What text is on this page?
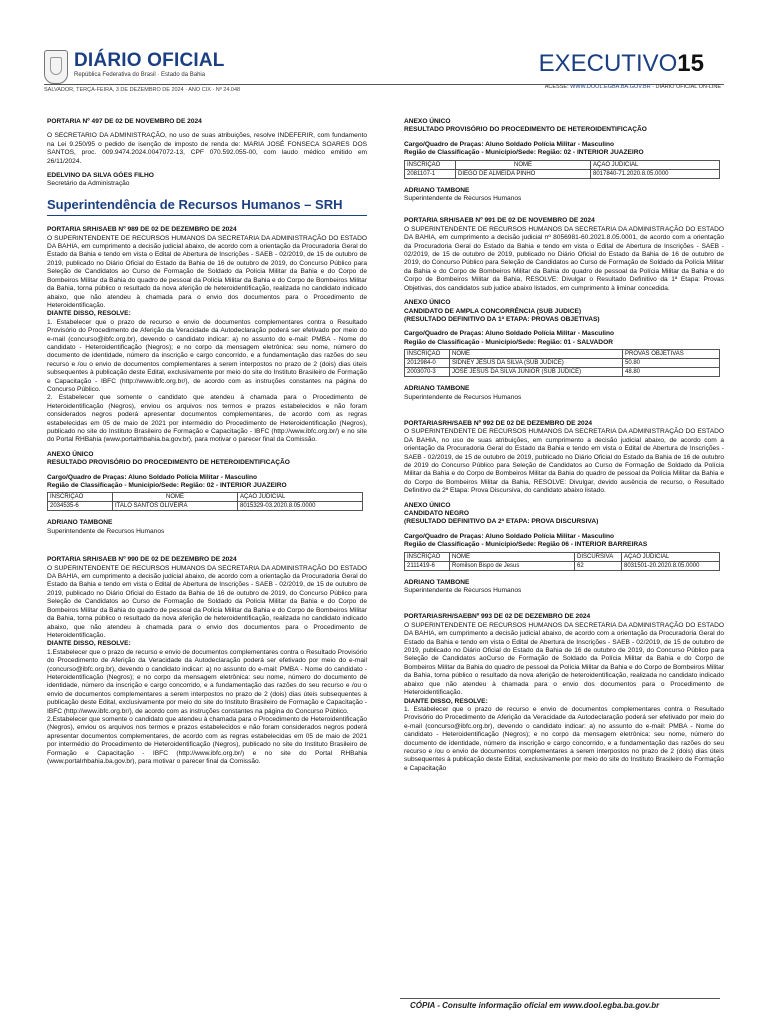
DIÁRIO OFICIAL
República Federativa do Brasil · Estado da Bahia	EXECUTIVO15
SALVADOR, TERÇA-FEIRA, 3 DE DEZEMBRO DE 2024 · ANO CIX · Nº 24.048	ACESSE: WWW.DOOL.EGBA.BA.GOV.BR · DIÁRIO OFICIAL ON-LINE

PORTARIA Nº 497 DE 02 DE NOVEMBRO DE 2024

O SECRETARIO DA ADMINISTRAÇÃO, no uso de suas atribuições, resolve INDEFERIR, com fundamento na Lei 9.250/95 o pedido de isenção de imposto de renda de: MARIA JOSÉ FONSECA SOARES DOS SANTOS, proc. 009.9474.2024.0047072-13, CPF 070.592.055-00, com laudo médico emitido em 26/11/2024.

EDELVINO DA SILVA GÓES FILHO

Secretário da Administração

Superintendência de Recursos Humanos – SRH

PORTARIA SRH/SAEB Nº 989 DE 02 DE DEZEMBRO DE 2024

O SUPERINTENDENTE DE RECURSOS HUMANOS DA SECRETARIA DA ADMINISTRAÇÃO DO ESTADO DA BAHIA, em cumprimento a decisão judicial abaixo, de acordo com a orientação da Procuradoria Geral do Estado da Bahia e tendo em vista o Edital de Abertura de Inscrições - SAEB - 02/2019, de 15 de outubro de 2019, publicado no Diário Oficial do Estado da Bahia de 16 de outubro de 2019, do Concurso Público para Seleção de Candidatos ao Curso de Formação de Soldado da Polícia Militar da Bahia e do Corpo de Bombeiros Militar da Bahia do quadro de pessoal da Polícia Militar da Bahia e do Corpo de Bombeiros Militar da Bahia, torna público o resultado da nova aferição de heteroidentificação, realizada no candidato indicado abaixo, que não atendeu à chamada para o envio dos documentos para o Procedimento de Heteroidentificação.

DIANTE DISSO, RESOLVE:

1. Estabelecer que o prazo de recurso e envio de documentos complementares contra o Resultado Provisório do Procedimento de Aferição da Veracidade da Autodeclaração poderá ser efetivado por meio do e-mail (concurso@ibfc.org.br), devendo o candidato indicar: a) no assunto do e-mail: PMBA - Nome do candidato - Heteroidentificação (Negros); e no corpo da mensagem eletrônica: seu nome, número do documento de identidade, número da inscrição e cargo concorrido, e a fundamentação das razões do seu recurso e /ou o envio de documentos complementares a serem interpostos no prazo de 2 (dois) dias úteis subsequentes à publicação deste Edital, exclusivamente por meio do site do Instituto Brasileiro de Formação e Capacitação - IBFC (http://www.ibfc.org.br/), de acordo com as instruções constantes na página do Concurso Público.

2. Estabelecer que somente o candidato que atendeu à chamada para o Procedimento de Heteroidentificação (Negros), enviou os arquivos nos termos e prazos estabelecidos e não foram considerados negros poderá apresentar documentos complementares, de acordo com as regras estabelecidas em 05 de maio de 2021 por intermédio do Procedimento de Heteroidentificação (Negros), publicado no site do Instituto Brasileiro de Formação e Capacitação - IBFC (http://www.ibfc.org.br/) e no site do Portal RHBahia (www.portalrhbahia.ba.gov.br), para motivar o parecer final da Comissão.

ANEXO ÚNICO

RESULTADO PROVISÓRIO DO PROCEDIMENTO DE HETEROIDENTIFICAÇÃO

Cargo/Quadro de Praças: Aluno Soldado Polícia Militar - Masculino

Região de Classificação - Município/Sede: Região: 02 - INTERIOR JUAZEIRO

INSCRIÇÃO	NOME	AÇÃO JUDICIAL
2034535-6	ITALO SANTOS OLIVEIRA	8015329-03.2020.8.05.0000

ADRIANO TAMBONE

Superintendente de Recursos Humanos

PORTARIA SRH/SAEB Nº 990 DE 02 DE DEZEMBRO DE 2024

O SUPERINTENDENTE DE RECURSOS HUMANOS DA SECRETARIA DA ADMINISTRAÇÃO DO ESTADO DA BAHIA, em cumprimento a decisão judicial abaixo, de acordo com a orientação da Procuradoria Geral do Estado da Bahia e tendo em vista o Edital de Abertura de Inscrições - SAEB - 02/2019, de 15 de outubro de 2019, publicado no Diário Oficial do Estado da Bahia de 16 de outubro de 2019, do Concurso Público para Seleção de Candidatos ao Curso de Formação de Soldado da Polícia Militar da Bahia e do Corpo de Bombeiros Militar da Bahia do quadro de pessoal da Polícia Militar da Bahia e do Corpo de Bombeiros Militar da Bahia, torna público o resultado da nova aferição de heteroidentificação, realizada no candidato indicado abaixo, que não atendeu à chamada para o envio dos documentos para o Procedimento de Heteroidentificação.

DIANTE DISSO, RESOLVE:

1.Estabelecer que o prazo de recurso e envio de documentos complementares contra o Resultado Provisório do Procedimento de Aferição da Veracidade da Autodeclaração poderá ser efetivado por meio do e-mail (concurso@ibfc.org.br), devendo o candidato indicar: a) no assunto do e-mail: PMBA - Nome do candidato - Heteroidentificação (Negros); e no corpo da mensagem eletrônica: seu nome, número do documento de identidade, número da inscrição e cargo concorrido, e a fundamentação das razões do seu recurso e /ou o envio de documentos complementares a serem interpostos no prazo de 2 (dois) dias úteis subsequentes à publicação deste Edital, exclusivamente por meio do site do Instituto Brasileiro de Formação e Capacitação - IBFC (http://www.ibfc.org.br/), de acordo com as instruções constantes na página do Concurso Público.

2.Estabelecer que somente o candidato que atendeu à chamada para o Procedimento de Heteroidentificação (Negros), enviou os arquivos nos termos e prazos estabelecidos e não foram considerados negros poderá apresentar documentos complementares, de acordo com as regras estabelecidas em 05 de maio de 2021 por intermédio do Procedimento de Heteroidentificação (Negros), publicado no site do Instituto Brasileiro de Formação e Capacitação - IBFC (http://www.ibfc.org.br/) e no site do Portal RHBahia (www.portalrhbahia.ba.gov.br), para motivar o parecer final da Comissão.

ANEXO ÚNICO

RESULTADO PROVISÓRIO DO PROCEDIMENTO DE HETEROIDENTIFICAÇÃO

Cargo/Quadro de Praças: Aluno Soldado Polícia Militar - Masculino

Região de Classificação - Município/Sede: Região: 02 - INTERIOR JUAZEIRO

INSCRIÇÃO	NOME	AÇÃO JUDICIAL
2081107-1	DIEGO DE ALMEIDA PINHO	8017840-71.2020.8.05.0000

ADRIANO TAMBONE

Superintendente de Recursos Humanos

PORTARIA SRH/SAEB Nº 991 DE 02 DE NOVEMBRO DE 2024

O SUPERINTENDENTE DE RECURSOS HUMANOS DA SECRETARIA DA ADMINISTRAÇÃO DO ESTADO DA BAHIA, em cumprimento a decisão judicial nº 8056981-60.2021.8.05.0001, de acordo com a orientação da Procuradoria Geral do Estado da Bahia e tendo em vista o Edital de Abertura de Inscrições - SAEB - 02/2019, de 15 de outubro de 2019, publicado no Diário Oficial do Estado da Bahia de 16 de outubro de 2019, do Concurso Público para Seleção de Candidatos ao Curso de Formação de Soldado da Polícia Militar da Bahia e do Corpo de Bombeiros Militar da Bahia do quadro de pessoal da Polícia Militar da Bahia e do Corpo de Bombeiros Militar da Bahia, RESOLVE: Divulgar o Resultado Definitivo da 1ª Etapa: Provas Objetivas, dos candidatos sub judice abaixo listados, em cumprimento à liminar concedida.

ANEXO ÚNICO

CANDIDATO DE AMPLA CONCORRÊNCIA (SUB JUDICE)

(RESULTADO DEFINITIVO DA 1ª ETAPA: PROVAS OBJETIVAS)

Cargo/Quadro de Praças: Aluno Soldado Polícia Militar - Masculino

Região de Classificação - Município/Sede: Região: 01 - SALVADOR

INSCRIÇÃO	NOME	PROVAS OBJETIVAS
2012984-0	SIDNEY JESUS DA SILVA (SUB JUDICE)	50.80
2003070-3	JOSE JESUS DA SILVA JUNIOR (SUB JUDICE)	48.80

ADRIANO TAMBONE

Superintendente de Recursos Humanos

PORTARIASRH/SAEB Nº 992 DE 02 DE DEZEMBRO DE 2024

O SUPERINTENDENTE DE RECURSOS HUMANOS DA SECRETARIA DA ADMINISTRAÇÃO DO ESTADO DA BAHIA, no uso de suas atribuições, em cumprimento a decisão judicial abaixo, de acordo com a orientação da Procuradoria Geral do Estado da Bahia e tendo em vista o Edital de Abertura de Inscrições - SAEB - 02/2019, de 15 de outubro de 2019, publicado no Diário Oficial do Estado da Bahia de 16 de outubro de 2019 do Concurso Público para Seleção de Candidatos ao Curso de Formação de Soldado da Polícia Militar da Bahia e do Corpo de Bombeiros Militar da Bahia do quadro de pessoal da Polícia Militar da Bahia e do Corpo de Bombeiros Militar da Bahia, RESOLVE: Divulgar, devido ausência de recurso, o Resultado Definitivo da 2ª Etapa: Prova Discursiva, do candidato abaixo listado.

ANEXO ÚNICO

CANDIDATO NEGRO

(RESULTADO DEFINITIVO DA 2ª ETAPA: PROVA DISCURSIVA)

Cargo/Quadro de Praças: Aluno Soldado Polícia Militar - Masculino

Região de Classificação - Município/Sede: Região 06 - INTERIOR BARREIRAS

INSCRIÇÃO	NOME	DISCURSIVA	AÇÃO JUDICIAL
2111419-6	Romilson Bispo de Jesus	62	8031501-20.2020.8.05.0000

ADRIANO TAMBONE

Superintendente de Recursos Humanos

PORTARIASRH/SAEBNº 993 DE 02 DE DEZEMBRO DE 2024

O SUPERINTENDENTE DE RECURSOS HUMANOS DA SECRETARIA DA ADMINISTRAÇÃO DO ESTADO DA BAHIA, em cumprimento a decisão judicial abaixo, de acordo com a orientação da Procuradoria Geral do Estado da Bahia e tendo em vista o Edital de Abertura de Inscrições - SAEB - 02/2019, de 15 de outubro de 2019, publicado no Diário Oficial do Estado da Bahia de 16 de outubro de 2019, do Concurso Público para Seleção de Candidatos aoCurso de Formação de Soldado da Polícia Militar da Bahia e do Corpo de Bombeiros Militar da Bahia do quadro de pessoal da Polícia Militar da Bahia e do Corpo de Bombeiros Militar da Bahia, torna público o resultado da nova aferição de heteroidentificação, realizada no candidato indicado abaixo que não atendeu à chamada para o envio dos documentos para o Procedimento de Heteroidentificação.

DIANTE DISSO, RESOLVE:

1. Estabelecer que o prazo de recurso e envio de documentos complementares contra o Resultado Provisório do Procedimento de Aferição da Veracidade da Autodeclaração poderá ser efetivado por meio do e-mail (concurso@ibfc.org.br), devendo o candidato indicar: a) no assunto do e-mail: PMBA - Nome do candidato - Heteroidentificação (Negros); e no corpo da mensagem eletrônica: seu nome, número do documento de identidade, número da inscrição e cargo concorrido, e a fundamentação das razões do seu recurso e /ou o envio de documentos complementares a serem interpostos no prazo de 2 (dois) dias úteis subsequentes à publicação deste Edital, exclusivamente por meio do site do Instituto Brasileiro de Formação e Capacitação

CÓPIA - Consulte informação oficial em www.dool.egba.ba.gov.br
